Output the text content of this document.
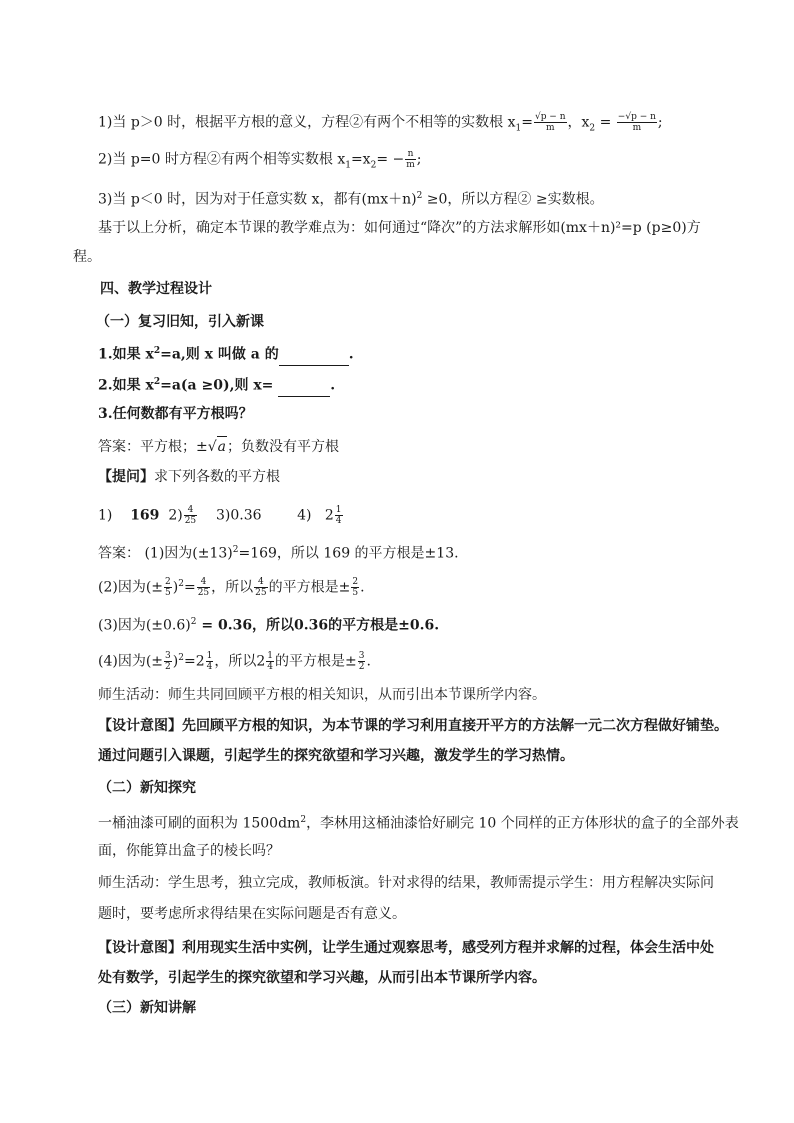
1)当 p＞0 时，根据平方根的意义，方程②有两个不相等的实数根 $x_1= \frac{√p - n}{m}$ ，$x_2 = \frac{-√p - n}{m}$ ;
2)当 p=0 时方程②有两个相等实数根 $x_1=x_2= - \frac{n}{m}$ ;
3)当 p＜0 时，因为对于任意实数 x，都有$(mx+n)^2 \ge 0$，所以方程② ≥实数根。
基于以上分析，确定本节课的教学难点为：如何通过“降次”的方法求解形如(mx＋n)²=p (p≥0)方
程。
四、教学过程设计
（一）复习旧知，引入新课
1.如果 $x^2=a$,则 x 叫做 a 的	.
2.如果 $x^2=a(a \ge 0)$,则 x=	.
3.任何数都有平方根吗？
答案：平方根；±√a；负数没有平方根
【提问】求下列各数的平方根
1) 169 $2) \frac{4}{25} 3)0.36$	4) $2 \frac{1}{4}$
答案： (1)因为$(\pm 13)^2=169$，所以 169 的平方根是±13.
(2)因为(± $\frac{2}{5} )^2= \frac{4}{25}$ ，所以 $\frac{4}{25}$ 的平方根是± $\frac{2}{5}$ .
(3)因为$(\pm 0.6)^2 = 0.36$，所以0.36的平方根是±0.6.
(4)因为(± $\frac{3}{2} )^2=2 \frac{1}{4}$ ，所以$2 \frac{1}{4}$ 的平方根是± $\frac{3}{2}$ .
师生活动：师生共同回顾平方根的相关知识，从而引出本节课所学内容。
【设计意图】先回顾平方根的知识，为本节课的学习利用直接开平方的方法解一元二次方程做好铺垫。
通过问题引入课题，引起学生的探究欲望和学习兴趣，激发学生的学习热情。
（二）新知探究
一桶油漆可刷的面积为 $1500dm^2$，李林用这桶油漆恰好刷完 10 个同样的正方体形状的盒子的全部外表
面，你能算出盒子的棱长吗？
师生活动：学生思考，独立完成，教师板演。针对求得的结果，教师需提示学生：用方程解决实际问
题时，要考虑所求得结果在实际问题是否有意义。
【设计意图】利用现实生活中实例，让学生通过观察思考，感受列方程并求解的过程，体会生活中处
处有数学，引起学生的探究欲望和学习兴趣，从而引出本节课所学内容。
（三）新知讲解
